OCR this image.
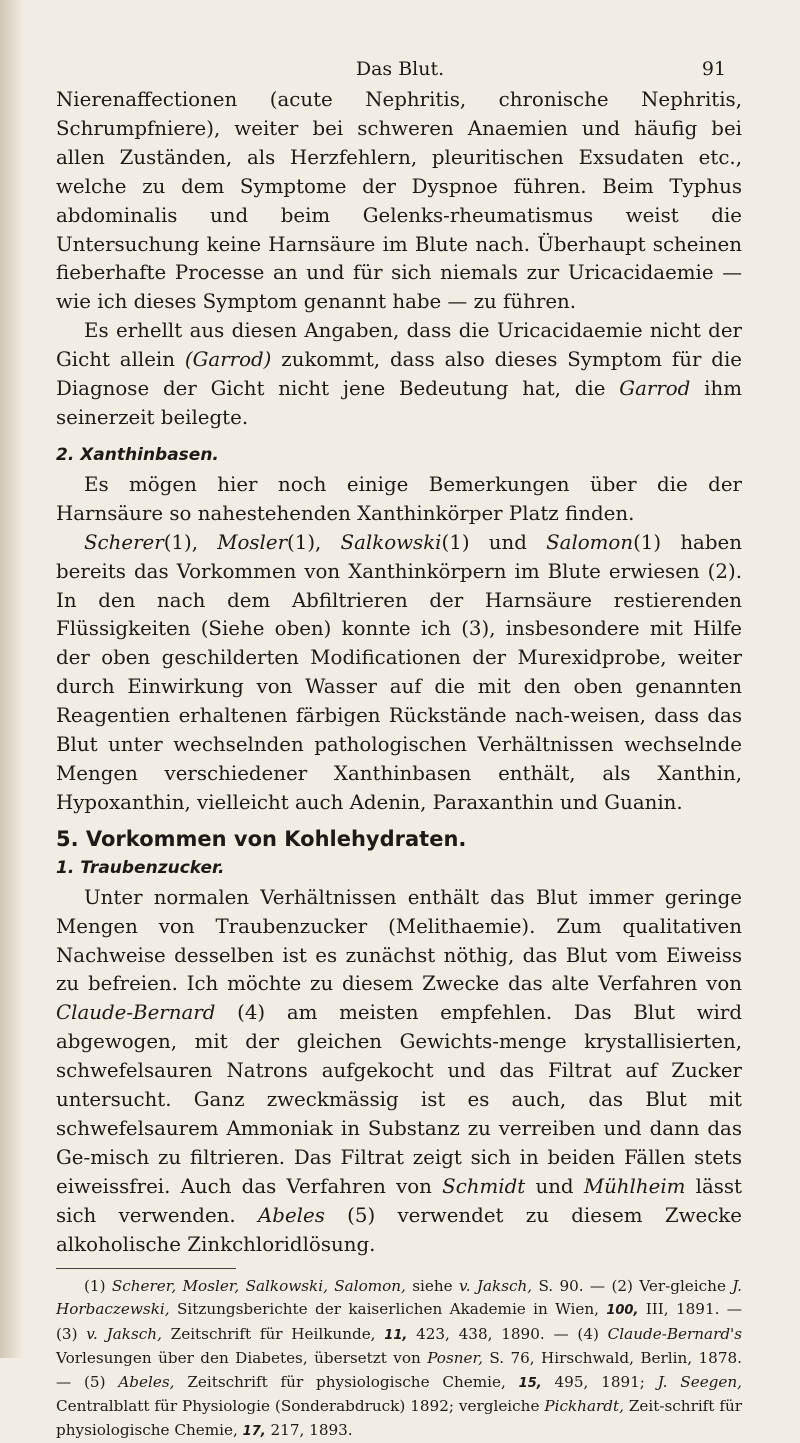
Das Blut.	91

Nierenaffectionen (acute Nephritis, chronische Nephritis, Schrumpfniere), weiter bei schweren Anaemien und häufig bei allen Zuständen, als Herzfehlern, pleuritischen Exsudaten etc., welche zu dem Symptome der Dyspnoe führen. Beim Typhus abdominalis und beim Gelenks-rheumatismus weist die Untersuchung keine Harnsäure im Blute nach. Überhaupt scheinen fieberhafte Processe an und für sich niemals zur Uricacidaemie — wie ich dieses Symptom genannt habe — zu führen.

Es erhellt aus diesen Angaben, dass die Uricacidaemie nicht der Gicht allein (Garrod) zukommt, dass also dieses Symptom für die Diagnose der Gicht nicht jene Bedeutung hat, die Garrod ihm seinerzeit beilegte.

2. Xanthinbasen.

Es mögen hier noch einige Bemerkungen über die der Harnsäure so nahestehenden Xanthinkörper Platz finden.

Scherer(1), Mosler(1), Salkowski(1) und Salomon(1) haben bereits das Vorkommen von Xanthinkörpern im Blute erwiesen (2). In den nach dem Abfiltrieren der Harnsäure restierenden Flüssigkeiten (Siehe oben) konnte ich (3), insbesondere mit Hilfe der oben geschilderten Modificationen der Murexidprobe, weiter durch Einwirkung von Wasser auf die mit den oben genannten Reagentien erhaltenen färbigen Rückstände nach-weisen, dass das Blut unter wechselnden pathologischen Verhältnissen wechselnde Mengen verschiedener Xanthinbasen enthält, als Xanthin, Hypoxanthin, vielleicht auch Adenin, Paraxanthin und Guanin.

5. Vorkommen von Kohlehydraten.
1. Traubenzucker.

Unter normalen Verhältnissen enthält das Blut immer geringe Mengen von Traubenzucker (Melithaemie). Zum qualitativen Nachweise desselben ist es zunächst nöthig, das Blut vom Eiweiss zu befreien. Ich möchte zu diesem Zwecke das alte Verfahren von Claude-Bernard (4) am meisten empfehlen. Das Blut wird abgewogen, mit der gleichen Gewichts-menge krystallisierten, schwefelsauren Natrons aufgekocht und das Filtrat auf Zucker untersucht. Ganz zweckmässig ist es auch, das Blut mit schwefelsaurem Ammoniak in Substanz zu verreiben und dann das Ge-misch zu filtrieren. Das Filtrat zeigt sich in beiden Fällen stets eiweissfrei. Auch das Verfahren von Schmidt und Mühlheim lässt sich verwenden. Abeles (5) verwendet zu diesem Zwecke alkoholische Zinkchloridlösung.

(1) Scherer, Mosler, Salkowski, Salomon, siehe v. Jaksch, S. 90. — (2) Ver-gleiche J. Horbaczewski, Sitzungsberichte der kaiserlichen Akademie in Wien, 100, III, 1891. — (3) v. Jaksch, Zeitschrift für Heilkunde, 11, 423, 438, 1890. — (4) Claude-Bernard's Vorlesungen über den Diabetes, übersetzt von Posner, S. 76, Hirschwald, Berlin, 1878. — (5) Abeles, Zeitschrift für physiologische Chemie, 15, 495, 1891; J. Seegen, Centralblatt für Physiologie (Sonderabdruck) 1892; vergleiche Pickhardt, Zeit-schrift für physiologische Chemie, 17, 217, 1893.
